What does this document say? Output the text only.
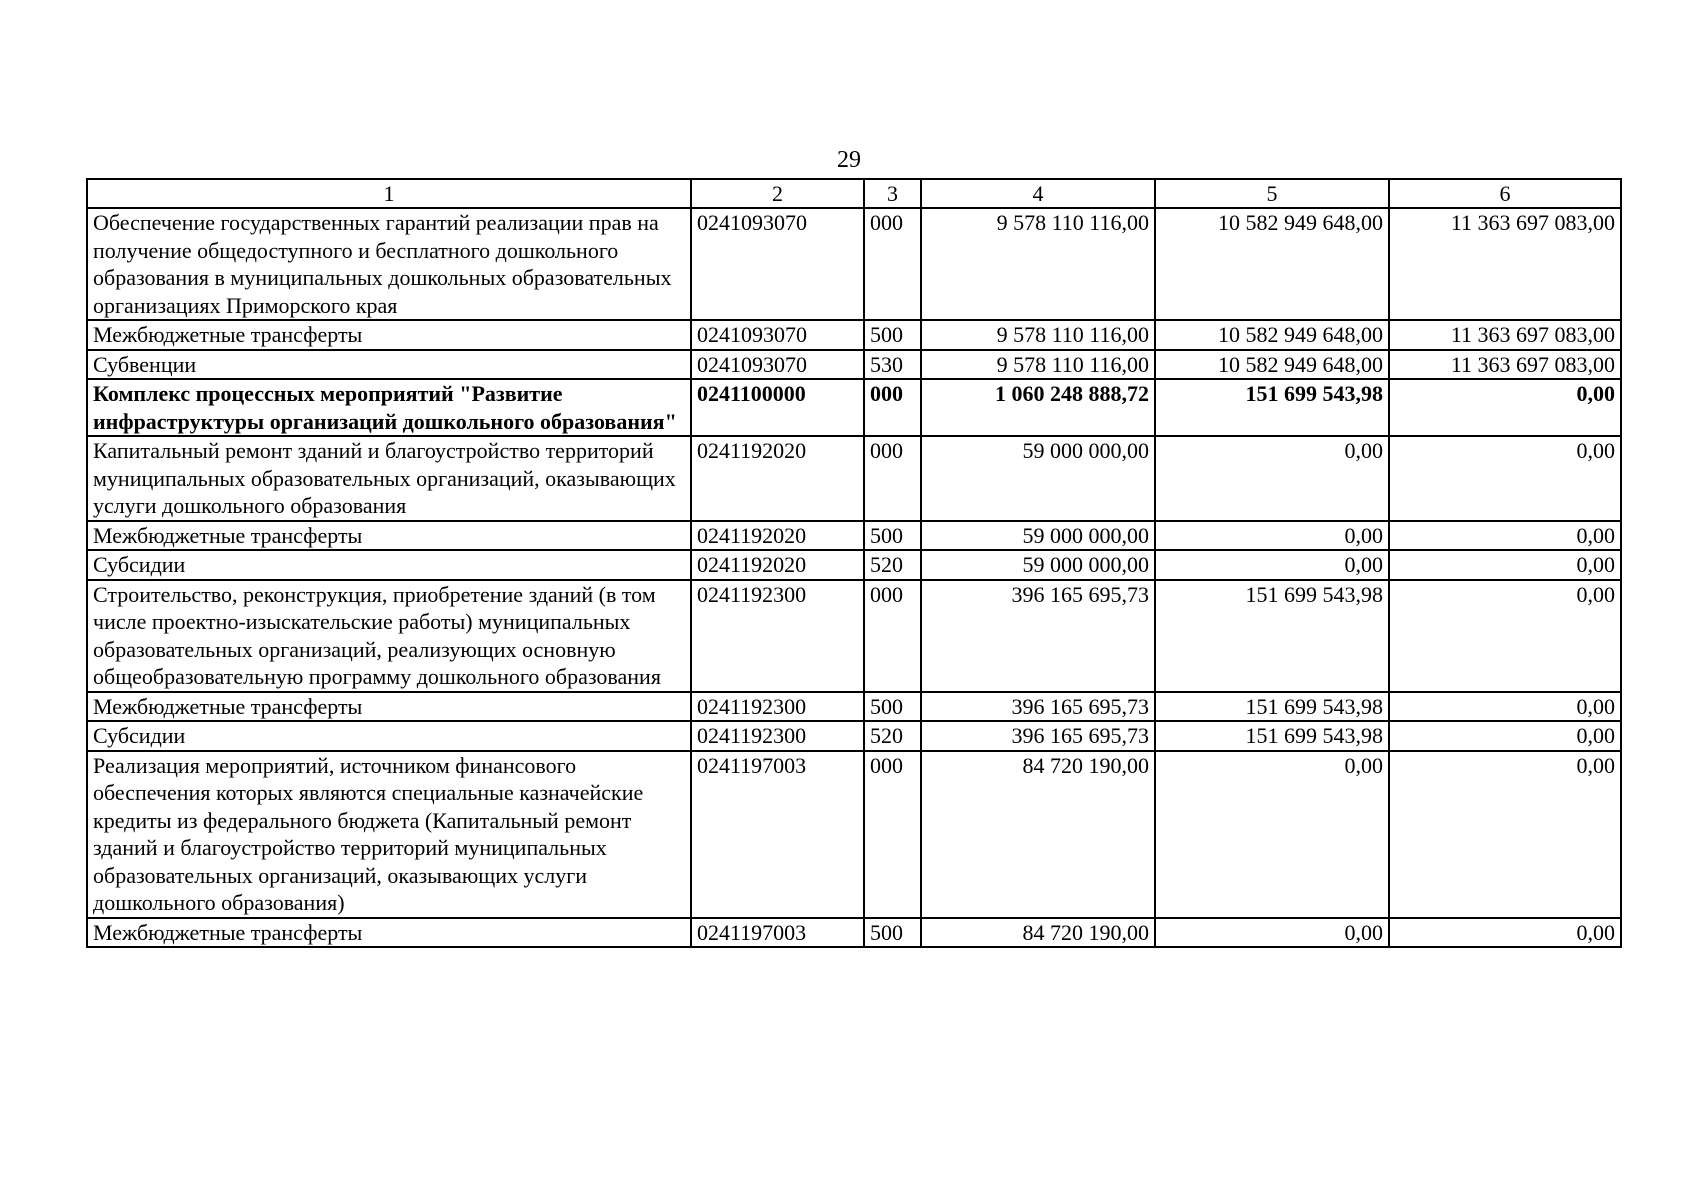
29
1	2	3	4	5	6
Обеспечение государственных гарантий реализации прав на получение общедоступного и бесплатного дошкольного образования в муниципальных дошкольных образовательных организациях Приморского края	0241093070	000	9 578 110 116,00	10 582 949 648,00	11 363 697 083,00
Межбюджетные трансферты	0241093070	500	9 578 110 116,00	10 582 949 648,00	11 363 697 083,00
Субвенции	0241093070	530	9 578 110 116,00	10 582 949 648,00	11 363 697 083,00
Комплекс процессных мероприятий "Развитие инфраструктуры организаций дошкольного образования"	0241100000	000	1 060 248 888,72	151 699 543,98	0,00
Капитальный ремонт зданий и благоустройство территорий муниципальных образовательных организаций, оказывающих услуги дошкольного образования	0241192020	000	59 000 000,00	0,00	0,00
Межбюджетные трансферты	0241192020	500	59 000 000,00	0,00	0,00
Субсидии	0241192020	520	59 000 000,00	0,00	0,00
Строительство, реконструкция, приобретение зданий (в том числе проектно-изыскательские работы) муниципальных образовательных организаций, реализующих основную общеобразовательную программу дошкольного образования	0241192300	000	396 165 695,73	151 699 543,98	0,00
Межбюджетные трансферты	0241192300	500	396 165 695,73	151 699 543,98	0,00
Субсидии	0241192300	520	396 165 695,73	151 699 543,98	0,00
Реализация мероприятий, источником финансового обеспечения которых являются специальные казначейские кредиты из федерального бюджета (Капитальный ремонт зданий и благоустройство территорий муниципальных образовательных организаций, оказывающих услуги дошкольного образования)	0241197003	000	84 720 190,00	0,00	0,00
Межбюджетные трансферты	0241197003	500	84 720 190,00	0,00	0,00
